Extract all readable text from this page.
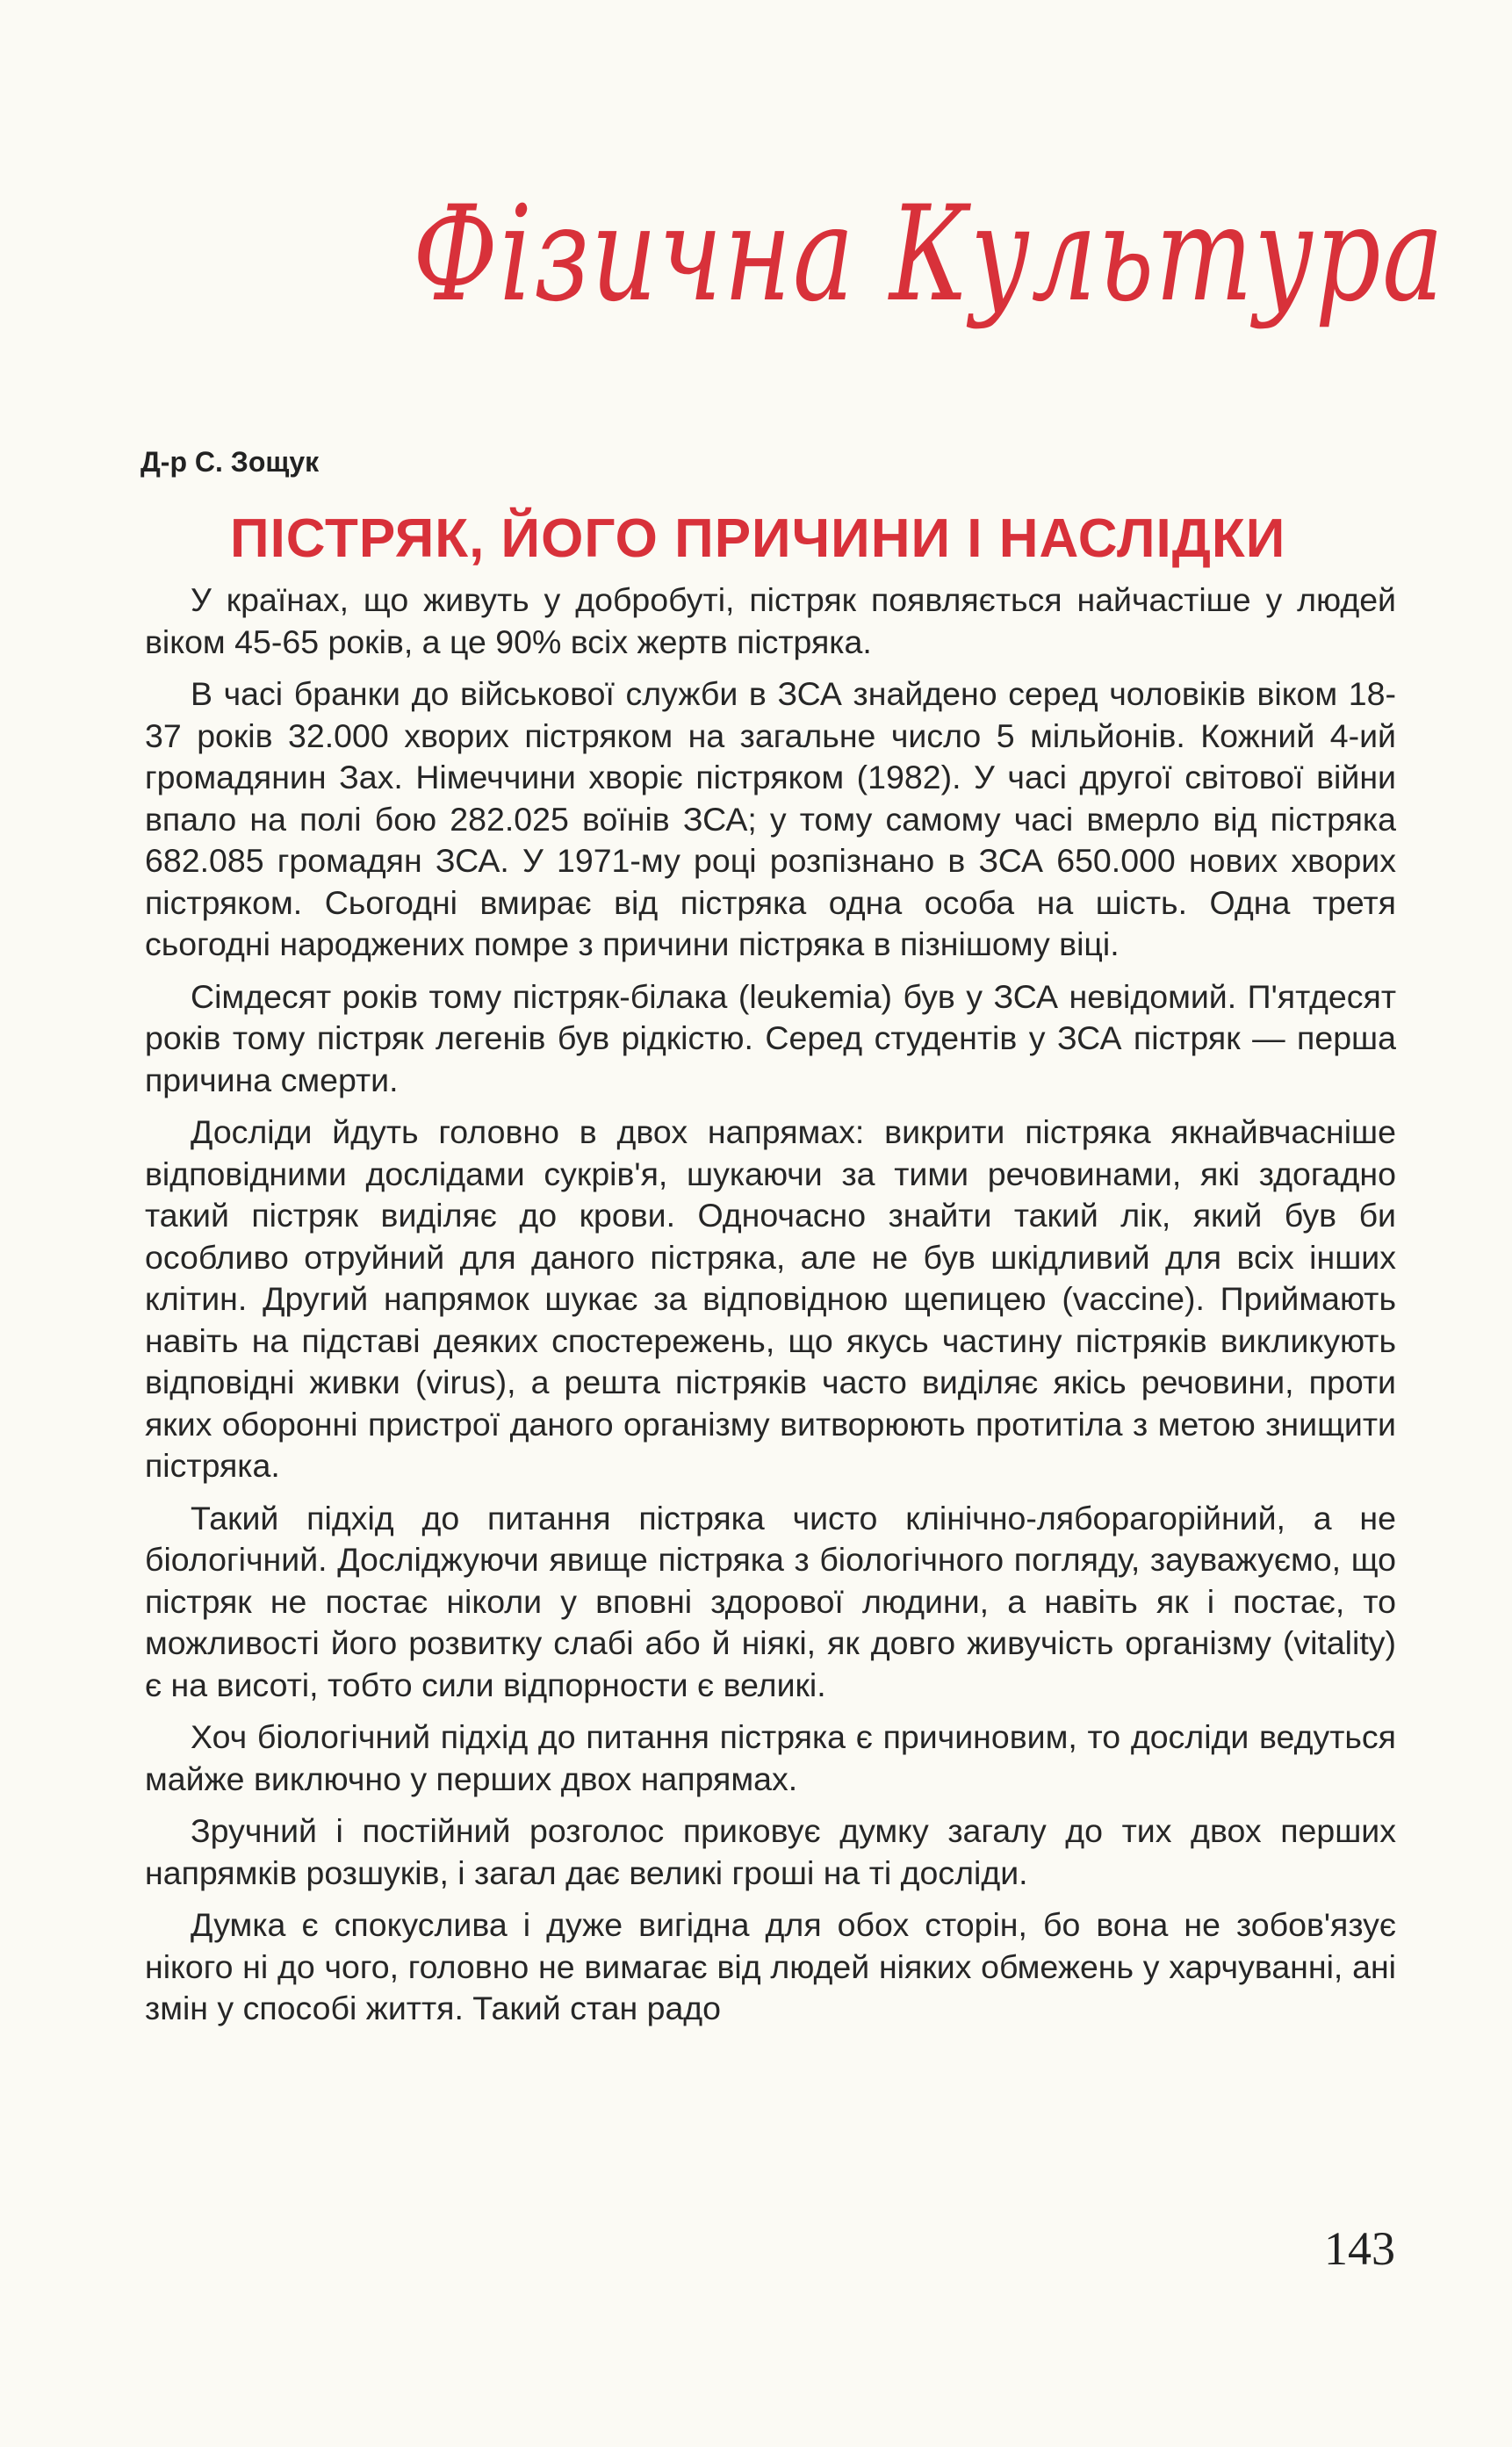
Фізична Культура
Д-р С. Зощук
ПІСТРЯК, ЙОГО ПРИЧИНИ І НАСЛІДКИ

У країнах, що живуть у добробуті, пістряк появляється найчастіше у людей віком 45-65 років, а це 90% всіх жертв пістряка.

В часі бранки до військової служби в ЗСА знайдено серед чоловіків віком 18-37 років 32.000 хворих пістряком на загальне число 5 мільйонів. Кожний 4-ий громадянин Зах. Німеччини хворіє пістряком (1982). У часі другої світової війни впало на полі бою 282.025 воїнів ЗСА; у тому самому часі вмерло від пістряка 682.085 громадян ЗСА. У 1971-му році розпізнано в ЗСА 650.000 нових хворих пістряком. Сьогодні вмирає від пістряка одна особа на шість. Одна третя сьогодні народжених помре з причини пістряка в пізнішому віці.

Сімдесят років тому пістряк-білака (leukemia) був у ЗСА невідомий. П'ятдесят років тому пістряк легенів був рідкістю. Серед студентів у ЗСА пістряк — перша причина смерти.

Досліди йдуть головно в двох напрямах: викрити пістряка якнайвчасніше відповідними дослідами сукрів'я, шукаючи за тими речовинами, які здогадно такий пістряк виділяє до крови. Одночасно знайти такий лік, який був би особливо отруйний для даного пістряка, але не був шкідливий для всіх інших клітин. Другий напрямок шукає за відповідною щепицею (vaccine). Приймають навіть на підставі деяких спостережень, що якусь частину пістряків викликують відповідні живки (virus), а решта пістряків часто виділяє якісь речовини, проти яких оборонні пристрої даного організму витворюють протитіла з метою знищити пістряка.

Такий підхід до питання пістряка чисто клінічно-ляборагорійний, а не біологічний. Досліджуючи явище пістряка з біологічного погляду, зауважуємо, що пістряк не постає ніколи у вповні здорової людини, а навіть як і постає, то можливості його розвитку слабі або й ніякі, як довго живучість організму (vitality) є на висоті, тобто сили відпорности є великі.

Хоч біологічний підхід до питання пістряка є причиновим, то досліди ведуться майже виключно у перших двох напрямах.

Зручний і постійний розголос приковує думку загалу до тих двох перших напрямків розшуків, і загал дає великі гроші на ті досліди.

Думка є спокуслива і дуже вигідна для обох сторін, бо вона не зобов'язує нікого ні до чого, головно не вимагає від людей ніяких обмежень у харчуванні, ані змін у способі життя. Такий стан радо

143
